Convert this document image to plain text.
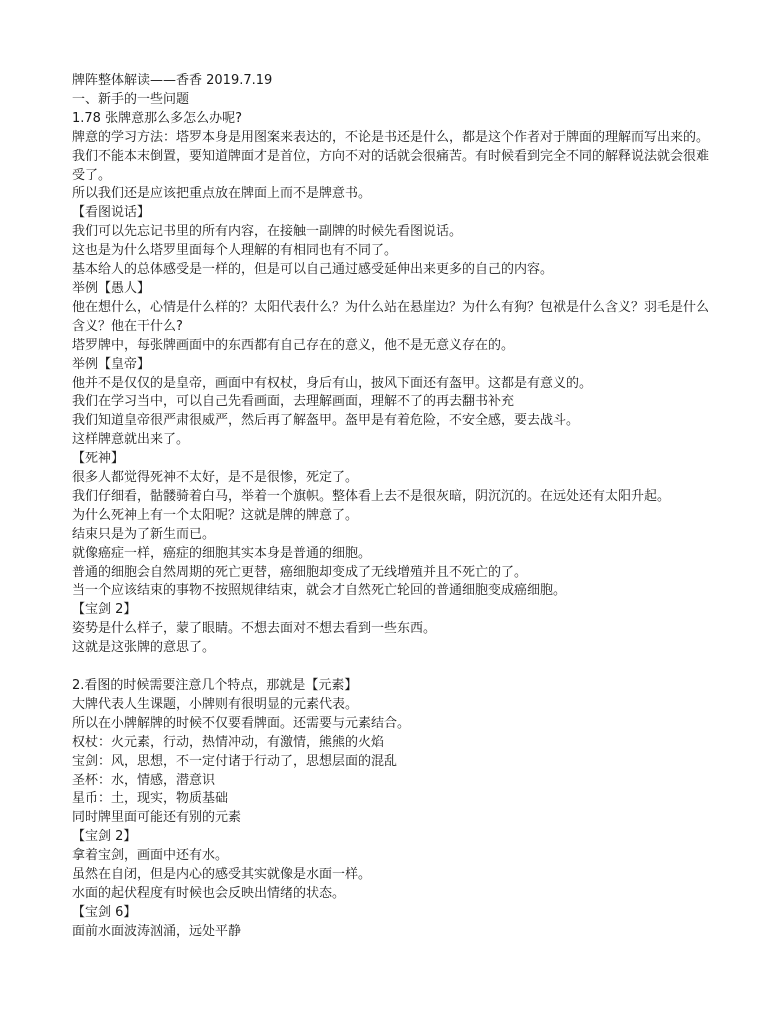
牌阵整体解读——香香 2019.7.19

一、新手的一些问题

1.78 张牌意那么多怎么办呢?

牌意的学习方法：塔罗本身是用图案来表达的，不论是书还是什么，都是这个作者对于牌面的理解而写出来的。

我们不能本末倒置，要知道牌面才是首位，方向不对的话就会很痛苦。有时候看到完全不同的解释说法就会很难受了。

所以我们还是应该把重点放在牌面上而不是牌意书。

【看图说话】

我们可以先忘记书里的所有内容，在接触一副牌的时候先看图说话。

这也是为什么塔罗里面每个人理解的有相同也有不同了。

基本给人的总体感受是一样的，但是可以自己通过感受延伸出来更多的自己的内容。

举例【愚人】

他在想什么，心情是什么样的？太阳代表什么？为什么站在悬崖边？为什么有狗？包袱是什么含义？羽毛是什么含义？他在干什么?

塔罗牌中，每张牌画面中的东西都有自己存在的意义，他不是无意义存在的。

举例【皇帝】

他并不是仅仅的是皇帝，画面中有权杖，身后有山，披风下面还有盔甲。这都是有意义的。

我们在学习当中，可以自己先看画面，去理解画面，理解不了的再去翻书补充

我们知道皇帝很严肃很威严，然后再了解盔甲。盔甲是有着危险，不安全感，要去战斗。

这样牌意就出来了。

【死神】

很多人都觉得死神不太好，是不是很惨，死定了。

我们仔细看，骷髅骑着白马，举着一个旗帜。整体看上去不是很灰暗，阴沉沉的。在远处还有太阳升起。

为什么死神上有一个太阳呢？这就是牌的牌意了。

结束只是为了新生而已。

就像癌症一样，癌症的细胞其实本身是普通的细胞。

普通的细胞会自然周期的死亡更替，癌细胞却变成了无线增殖并且不死亡的了。

当一个应该结束的事物不按照规律结束，就会才自然死亡轮回的普通细胞变成癌细胞。

【宝剑 2】

姿势是什么样子，蒙了眼睛。不想去面对不想去看到一些东西。

这就是这张牌的意思了。

2.看图的时候需要注意几个特点，那就是【元素】

大牌代表人生课题，小牌则有很明显的元素代表。

所以在小牌解牌的时候不仅要看牌面。还需要与元素结合。

权杖：火元素，行动，热情冲动，有激情，熊熊的火焰

宝剑：风，思想，不一定付诸于行动了，思想层面的混乱

圣杯：水，情感，潜意识

星币：土，现实，物质基础

同时牌里面可能还有别的元素

【宝剑 2】

拿着宝剑，画面中还有水。

虽然在自闭，但是内心的感受其实就像是水面一样。

水面的起伏程度有时候也会反映出情绪的状态。

【宝剑 6】

面前水面波涛汹涌，远处平静
